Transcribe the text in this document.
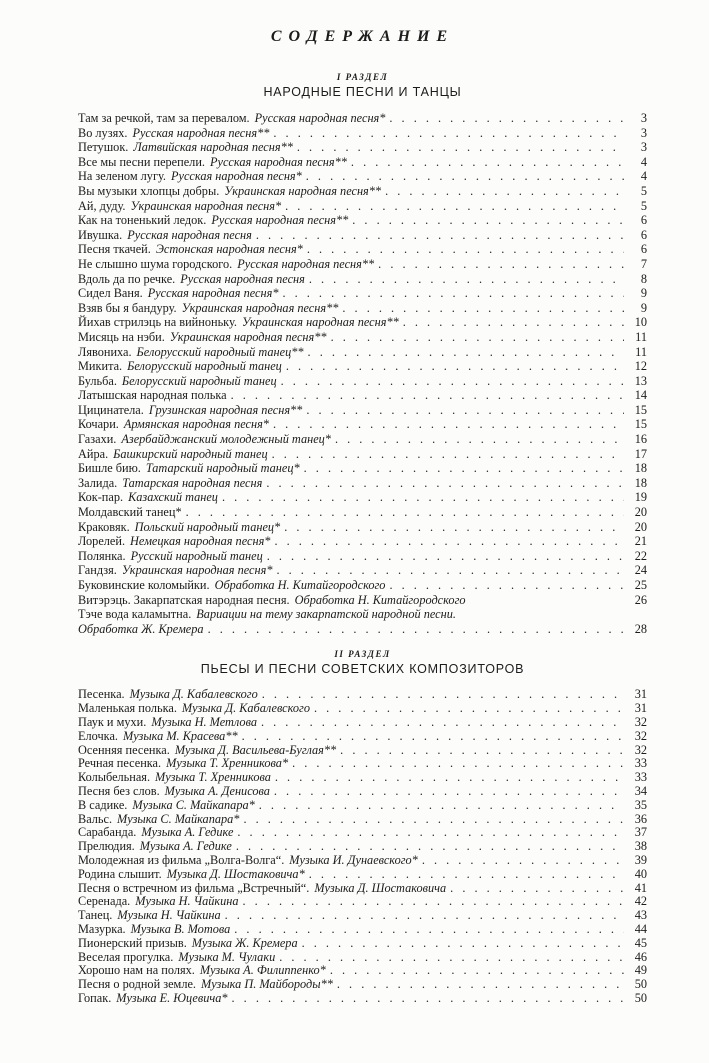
СОДЕРЖАНИЕ
I РАЗДЕЛ
НАРОДНЫЕ ПЕСНИ И ТАНЦЫ
Там за речкой, там за перевалом. Русская народная песня* . . .	3
Во лузях. Русская народная песня** . . .	3
Петушок. Латвийская народная песня** . . .	3
Все мы песни перепели. Русская народная песня** . . .	4
На зеленом лугу. Русская народная песня* . . .	4
Вы музыки хлопцы добры. Украинская народная песня** . . .	5
Ай, дуду. Украинская народная песня* . . .	5
Как на тоненький ледок. Русская народная песня** . . .	6
Ивушка. Русская народная песня . . .	6
Песня ткачей. Эстонская народная песня* . . .	6
Не слышно шума городского. Русская народная песня** . . .	7
Вдоль да по речке. Русская народная песня . . .	8
Сидел Ваня. Русская народная песня* . . .	9
Взяв бы я бандуру. Украинская народная песня** . . .	9
Йихав стрилэць на вийноньку. Украинская народная песня** . . .	10
Мисяць на нэби. Украинская народная песня** . . .	11
Лявониха. Белорусский народный танец** . . .	11
Микита. Белорусский народный танец . . .	12
Бульба. Белорусский народный танец . . .	13
Латышская народная полька . . .	14
Цицинатела. Грузинская народная песня** . . .	15
Кочари. Армянская народная песня* . . .	15
Газахи. Азербайджанский молодежный танец* . . .	16
Айра. Башкирский народный танец . . .	17
Бишле бию. Татарский народный танец* . . .	18
Залида. Татарская народная песня . . .	18
Кок-пар. Казахский танец . . .	19
Молдавский танец* . . .	20
Краковяк. Польский народный танец* . . .	20
Лорелей. Немецкая народная песня* . . .	21
Полянка. Русский народный танец . . .	22
Гандзя. Украинская народная песня* . . .	24
Буковинские коломыйки. Обработка Н. Китайгородского . . .	25
Витэрэць. Закарпатская народная песня. Обработка Н. Китайгородского	26
Тэче вода каламытна. Вариации на тему закарпатской народной песни.
Обработка Ж. Кремера . . .	28
II РАЗДЕЛ
ПЬЕСЫ И ПЕСНИ СОВЕТСКИХ КОМПОЗИТОРОВ
Песенка. Музыка Д. Кабалевского . . .	31
Маленькая полька. Музыка Д. Кабалевского . . .	31
Паук и мухи. Музыка Н. Метлова . . .	32
Елочка. Музыка М. Красева** . . .	32
Осенняя песенка. Музыка Д. Васильева-Буглая** . . .	32
Речная песенка. Музыка Т. Хренникова* . . .	33
Колыбельная. Музыка Т. Хренникова . . .	33
Песня без слов. Музыка А. Денисова . . .	34
В садике. Музыка С. Майкапара* . . .	35
Вальс. Музыка С. Майкапара* . . .	36
Сарабанда. Музыка А. Гедике . . .	37
Прелюдия. Музыка А. Гедике . . .	38
Молодежная из фильма „Волга-Волга“. Музыка И. Дунаевского* . . .	39
Родина слышит. Музыка Д. Шостаковича* . . .	40
Песня о встречном из фильма „Встречный“. Музыка Д. Шостаковича . . .	41
Серенада. Музыка Н. Чайкина . . .	42
Танец. Музыка Н. Чайкина . . .	43
Мазурка. Музыка В. Мотова . . .	44
Пионерский призыв. Музыка Ж. Кремера . . .	45
Веселая прогулка. Музыка М. Чулаки . . .	46
Хорошо нам на полях. Музыка А. Филиппенко* . . .	49
Песня о родной земле. Музыка П. Майбороды** . . .	50
Гопак. Музыка Е. Юцевича* . . .	50
